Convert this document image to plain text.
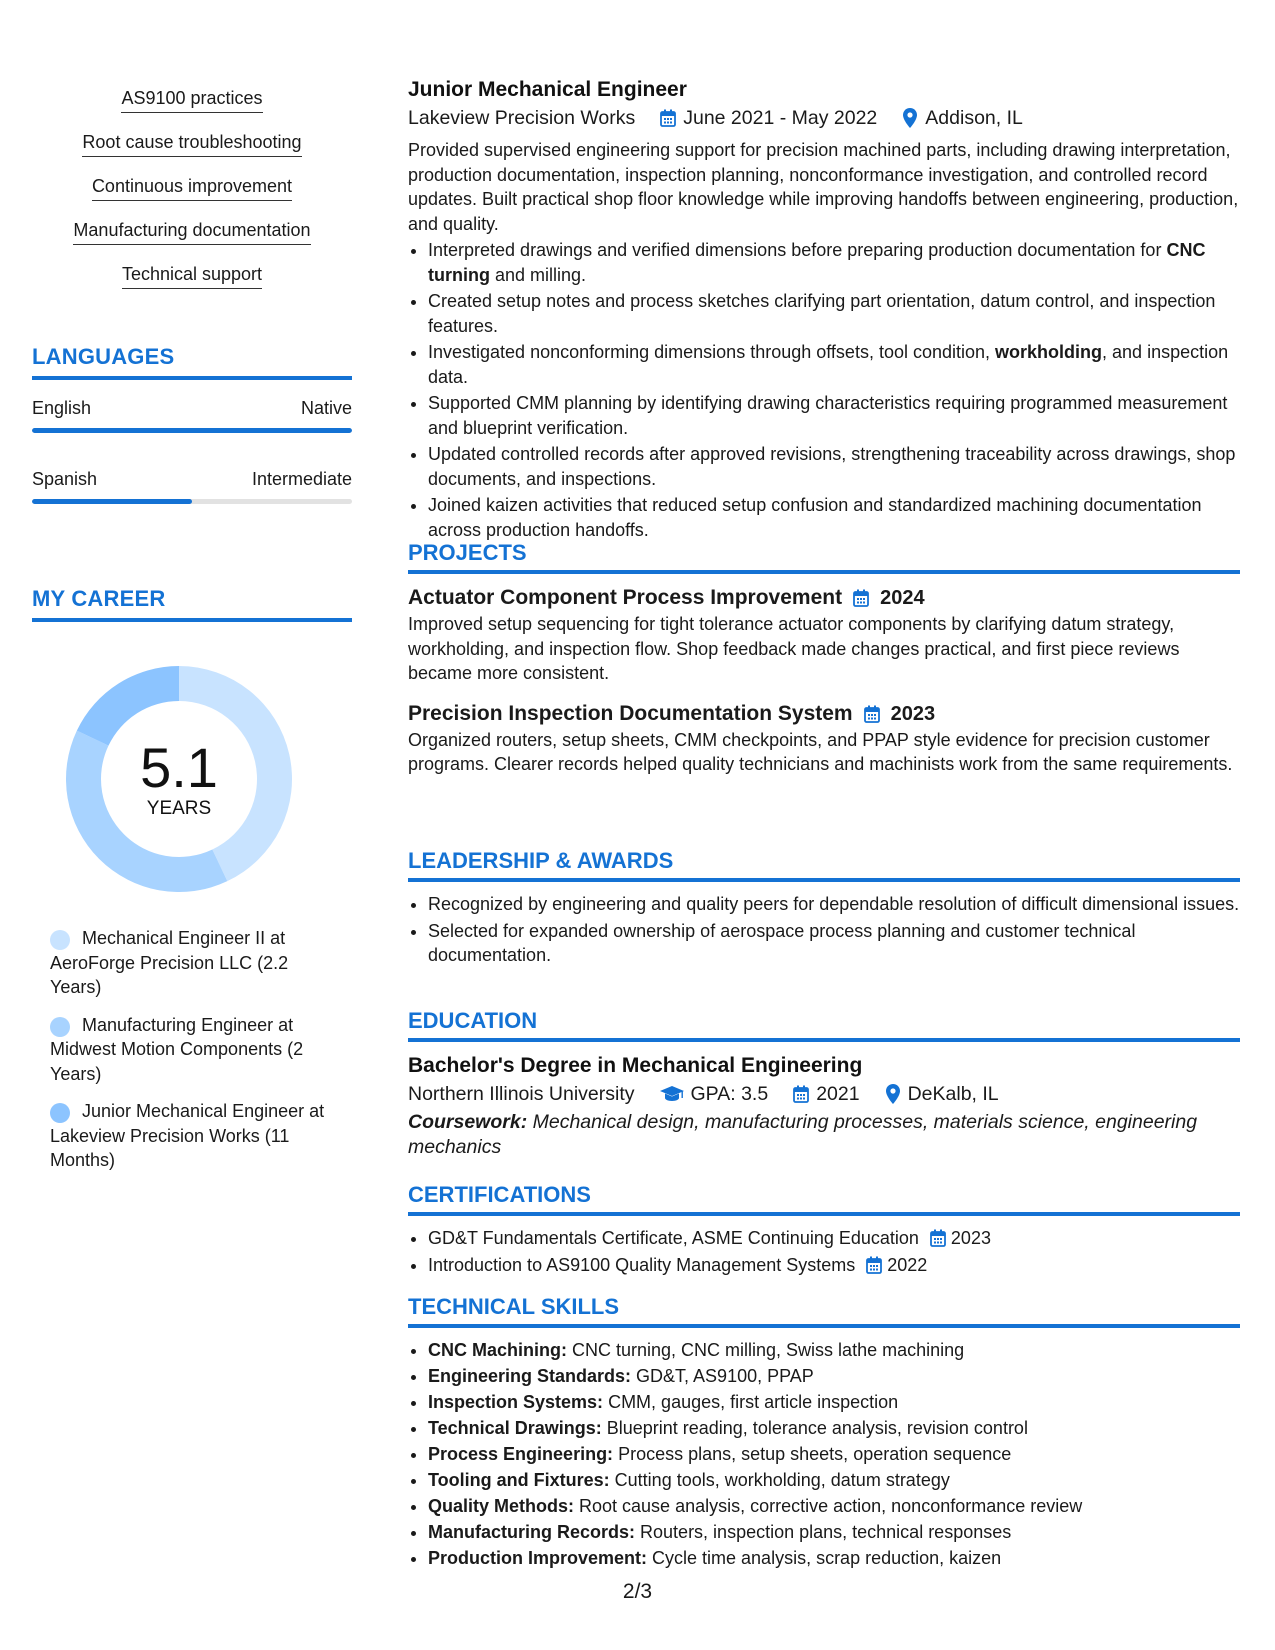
AS9100 practices
Root cause troubleshooting
Continuous improvement
Manufacturing documentation
Technical support
LANGUAGES
English	Native
Spanish	Intermediate
MY CAREER
5.1
YEARS
Mechanical Engineer II at AeroForge Precision LLC (2.2 Years)
Manufacturing Engineer at Midwest Motion Components (2 Years)
Junior Mechanical Engineer at Lakeview Precision Works (11 Months)
Junior Mechanical Engineer
Lakeview Precision Works June 2021 - May 2022 Addison, IL

Provided supervised engineering support for precision machined parts, including drawing interpretation, production documentation, inspection planning, nonconformance investigation, and controlled record updates. Built practical shop floor knowledge while improving handoffs between engineering, production, and quality.

• Interpreted drawings and verified dimensions before preparing production documentation for CNC turning and milling.
• Created setup notes and process sketches clarifying part orientation, datum control, and inspection features.
• Investigated nonconforming dimensions through offsets, tool condition, workholding, and inspection data.
• Supported CMM planning by identifying drawing characteristics requiring programmed measurement and blueprint verification.
• Updated controlled records after approved revisions, strengthening traceability across drawings, shop documents, and inspections.
• Joined kaizen activities that reduced setup confusion and standardized machining documentation across production handoffs.
PROJECTS
Actuator Component Process Improvement 2024

Improved setup sequencing for tight tolerance actuator components by clarifying datum strategy, workholding, and inspection flow. Shop feedback made changes practical, and first piece reviews became more consistent.

Precision Inspection Documentation System 2023

Organized routers, setup sheets, CMM checkpoints, and PPAP style evidence for precision customer programs. Clearer records helped quality technicians and machinists work from the same requirements.

LEADERSHIP & AWARDS
• Recognized by engineering and quality peers for dependable resolution of difficult dimensional issues.
• Selected for expanded ownership of aerospace process planning and customer technical documentation.
EDUCATION
Bachelor's Degree in Mechanical Engineering
Northern Illinois University	GPA: 3.5 2021 DeKalb, IL

Coursework: Mechanical design, manufacturing processes, materials science, engineering mechanics

CERTIFICATIONS
• GD&T Fundamentals Certificate, ASME Continuing Education 2023
• Introduction to AS9100 Quality Management Systems 2022
TECHNICAL SKILLS
• CNC Machining: CNC turning, CNC milling, Swiss lathe machining
• Engineering Standards: GD&T, AS9100, PPAP
• Inspection Systems: CMM, gauges, first article inspection
• Technical Drawings: Blueprint reading, tolerance analysis, revision control
• Process Engineering: Process plans, setup sheets, operation sequence
• Tooling and Fixtures: Cutting tools, workholding, datum strategy
• Quality Methods: Root cause analysis, corrective action, nonconformance review
• Manufacturing Records: Routers, inspection plans, technical responses
• Production Improvement: Cycle time analysis, scrap reduction, kaizen
2/3
